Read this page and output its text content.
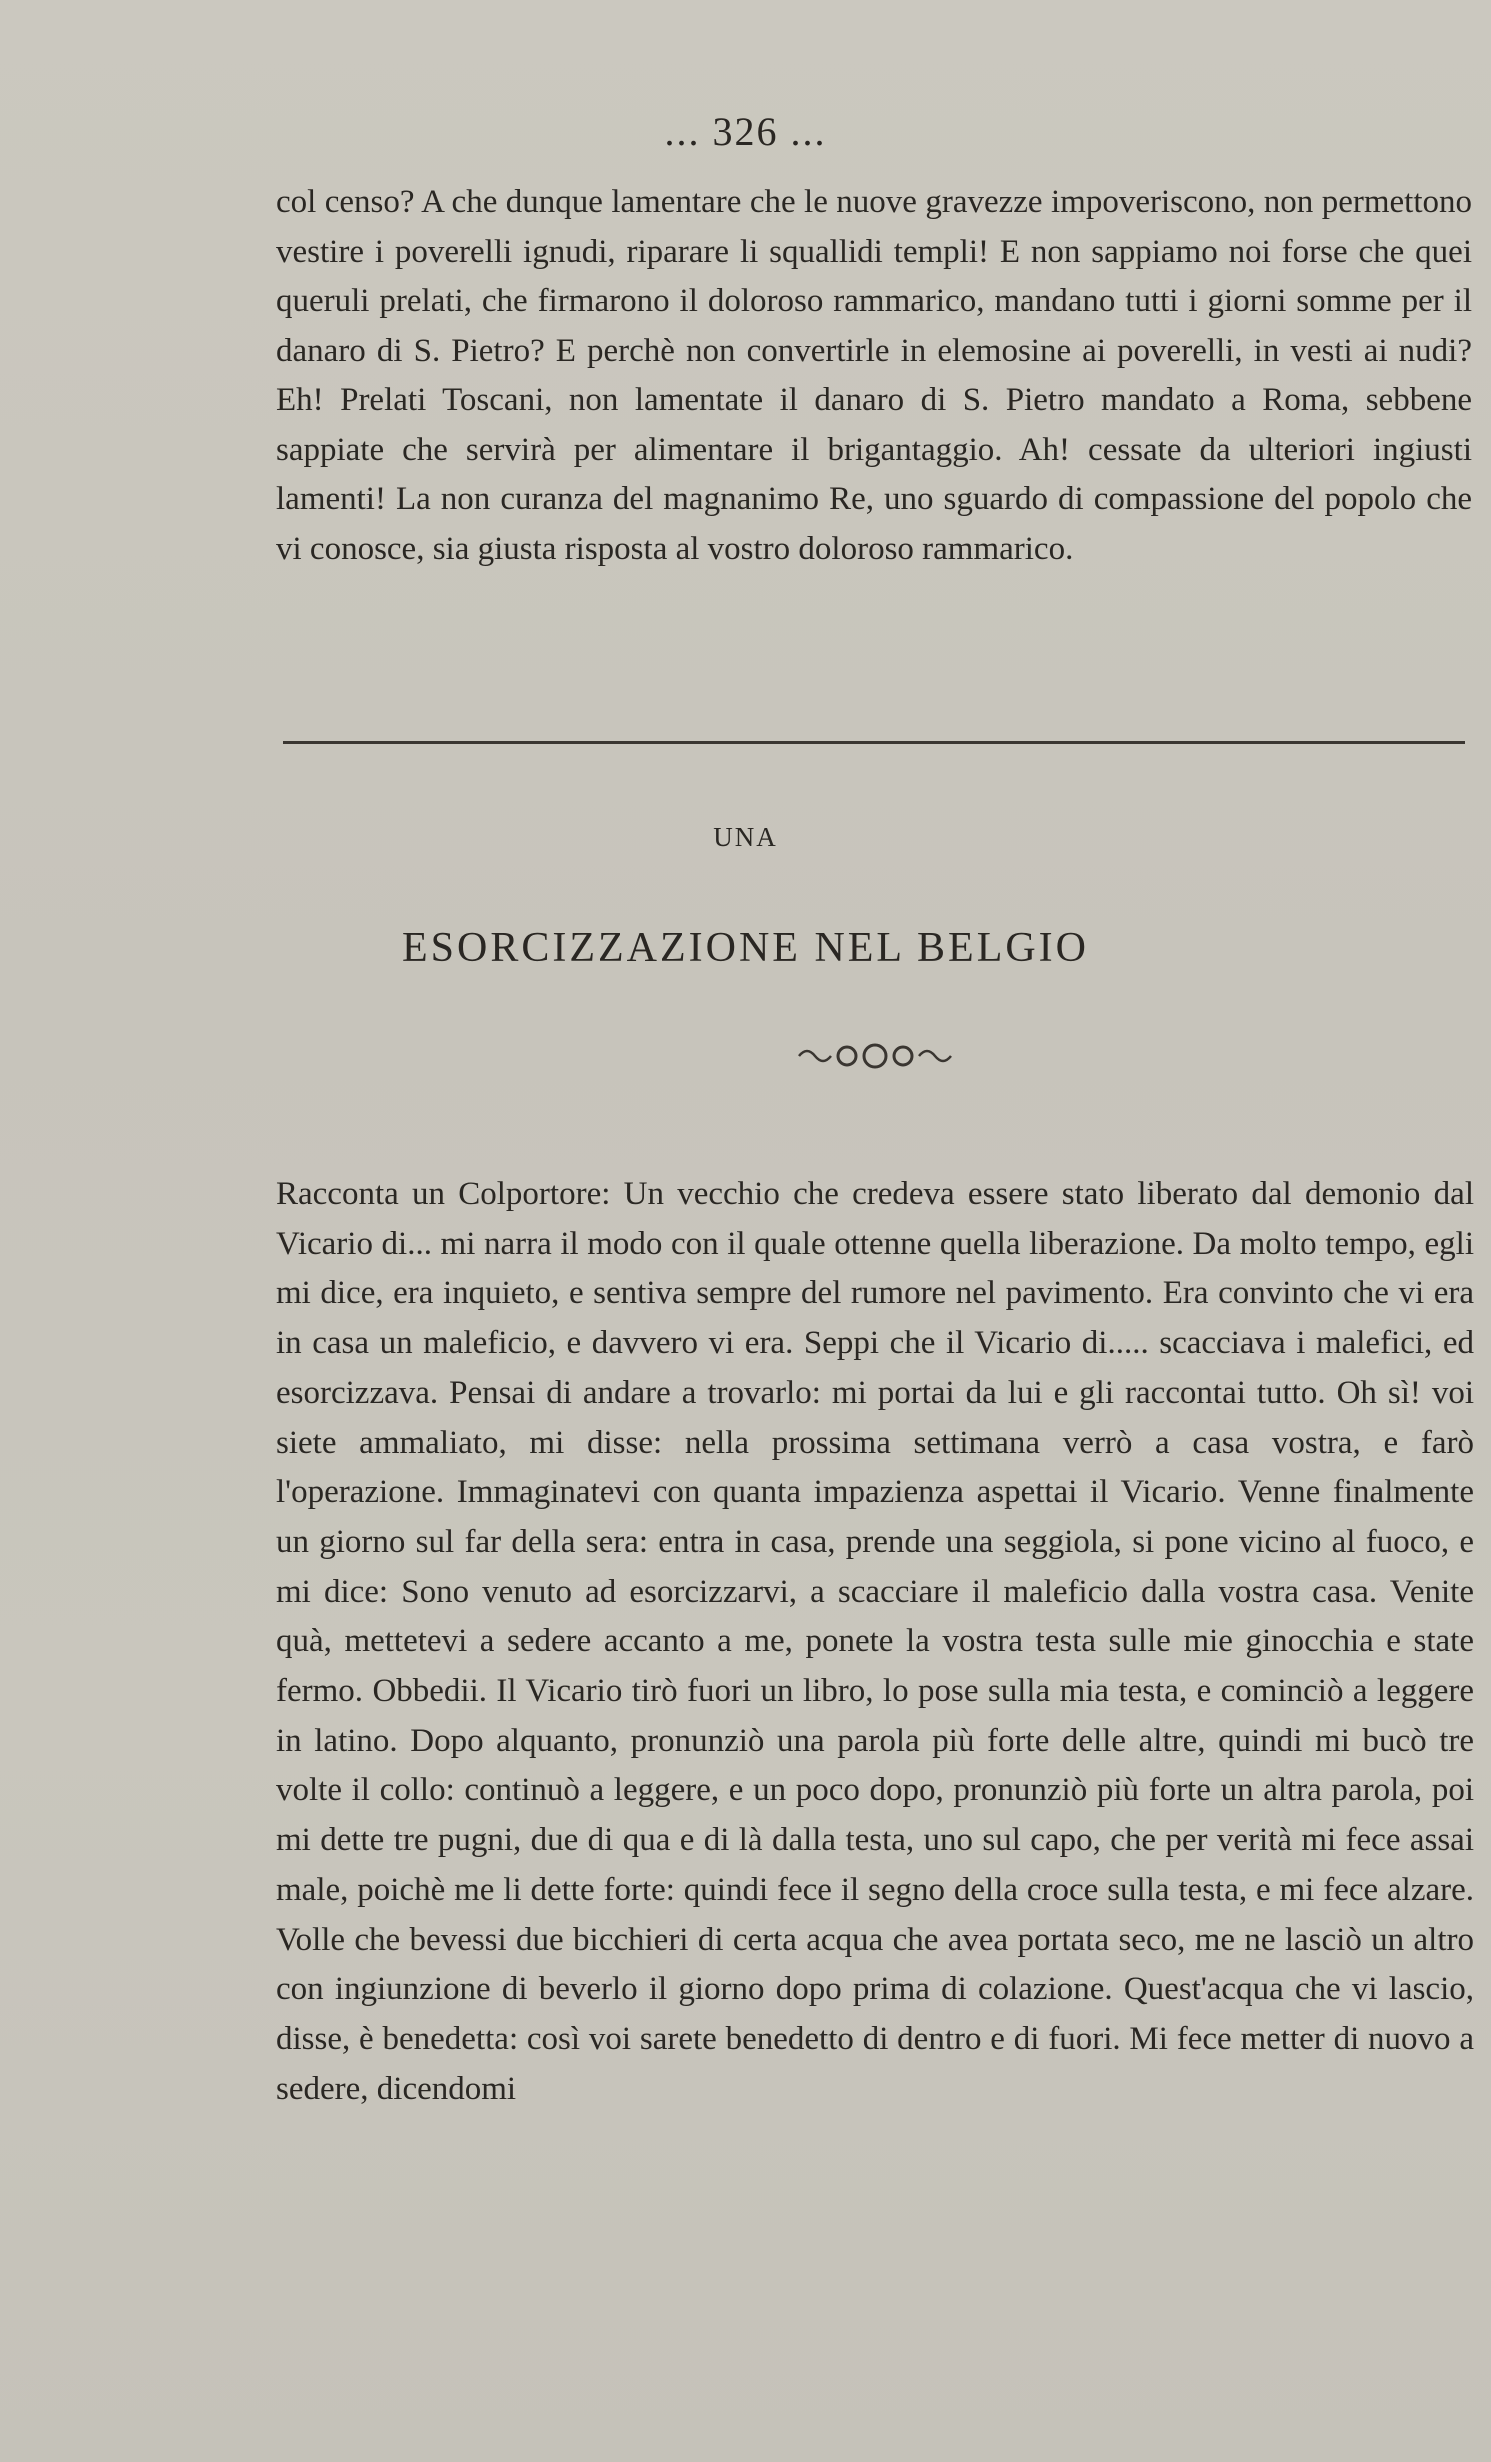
... 326 ...

col censo? A che dunque lamentare che le nuove gravezze impoveriscono, non permettono vestire i poverelli ignudi, riparare li squallidi templi! E non sappiamo noi forse che quei queruli prelati, che firmarono il doloroso rammarico, mandano tutti i giorni somme per il danaro di S. Pietro? E perchè non convertirle in elemosine ai poverelli, in vesti ai nudi? Eh! Prelati Toscani, non lamentate il danaro di S. Pietro mandato a Roma, sebbene sappiate che servirà per alimentare il brigantaggio. Ah! cessate da ulteriori ingiusti lamenti! La non curanza del magnanimo Re, uno sguardo di compassione del popolo che vi conosce, sia giusta risposta al vostro doloroso rammarico.

UNA
ESORCIZZAZIONE NEL BELGIO

Racconta un Colportore: Un vecchio che credeva essere stato liberato dal demonio dal Vicario di... mi narra il modo con il quale ottenne quella liberazione. Da molto tempo, egli mi dice, era inquieto, e sentiva sempre del rumore nel pavimento. Era convinto che vi era in casa un maleficio, e davvero vi era. Seppi che il Vicario di..... scacciava i malefici, ed esorcizzava. Pensai di andare a trovarlo: mi portai da lui e gli raccontai tutto. Oh sì! voi siete ammaliato, mi disse: nella prossima settimana verrò a casa vostra, e farò l'operazione. Immaginatevi con quanta impazienza aspettai il Vicario. Venne finalmente un giorno sul far della sera: entra in casa, prende una seggiola, si pone vicino al fuoco, e mi dice: Sono venuto ad esorcizzarvi, a scacciare il maleficio dalla vostra casa. Venite quà, mettetevi a sedere accanto a me, ponete la vostra testa sulle mie ginocchia e state fermo. Obbedii. Il Vicario tirò fuori un libro, lo pose sulla mia testa, e cominciò a leggere in latino. Dopo alquanto, pronunziò una parola più forte delle altre, quindi mi bucò tre volte il collo: continuò a leggere, e un poco dopo, pronunziò più forte un altra parola, poi mi dette tre pugni, due di qua e di là dalla testa, uno sul capo, che per verità mi fece assai male, poichè me li dette forte: quindi fece il segno della croce sulla testa, e mi fece alzare. Volle che bevessi due bicchieri di certa acqua che avea portata seco, me ne lasciò un altro con ingiunzione di beverlo il giorno dopo prima di colazione. Quest'acqua che vi lascio, disse, è benedetta: così voi sarete benedetto di dentro e di fuori. Mi fece metter di nuovo a sedere, dicendomi
